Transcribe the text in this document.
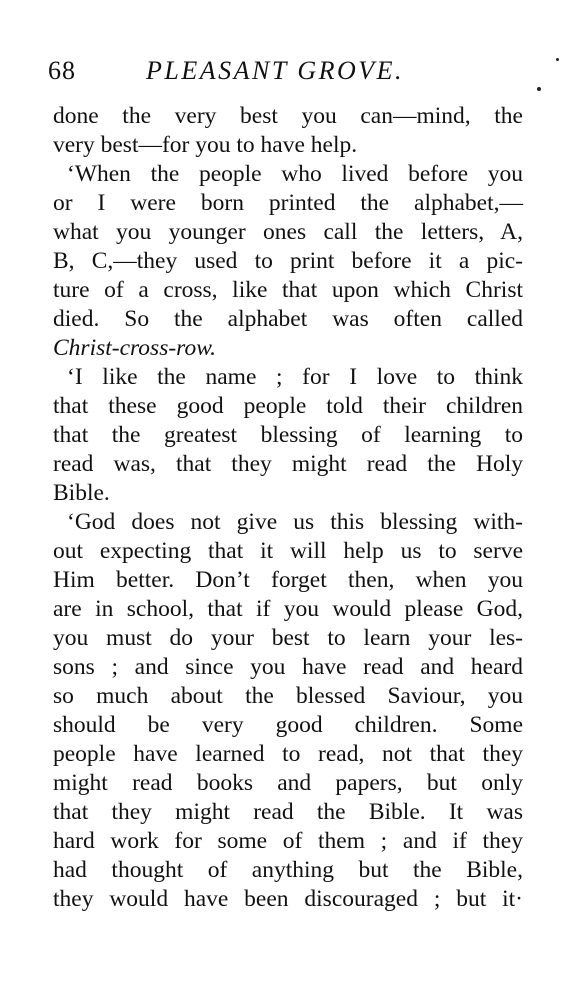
68	PLEASANT GROVE.
done the very best you can—mind, the
very best—for you to have help.
‘When the people who lived before you
or I were born printed the alphabet,—
what you younger ones call the letters, A,
B, C,—they used to print before it a pic-
ture of a cross, like that upon which Christ
died. So the alphabet was often called
Christ-cross-row.
‘I like the name ; for I love to think
that these good people told their children
that the greatest blessing of learning to
read was, that they might read the Holy
Bible.
‘God does not give us this blessing with-
out expecting that it will help us to serve
Him better. Don’t forget then, when you
are in school, that if you would please God,
you must do your best to learn your les-
sons ; and since you have read and heard
so much about the blessed Saviour, you
should be very good children. Some
people have learned to read, not that they
might read books and papers, but only
that they might read the Bible. It was
hard work for some of them ; and if they
had thought of anything but the Bible,
they would have been discouraged ; but it·
